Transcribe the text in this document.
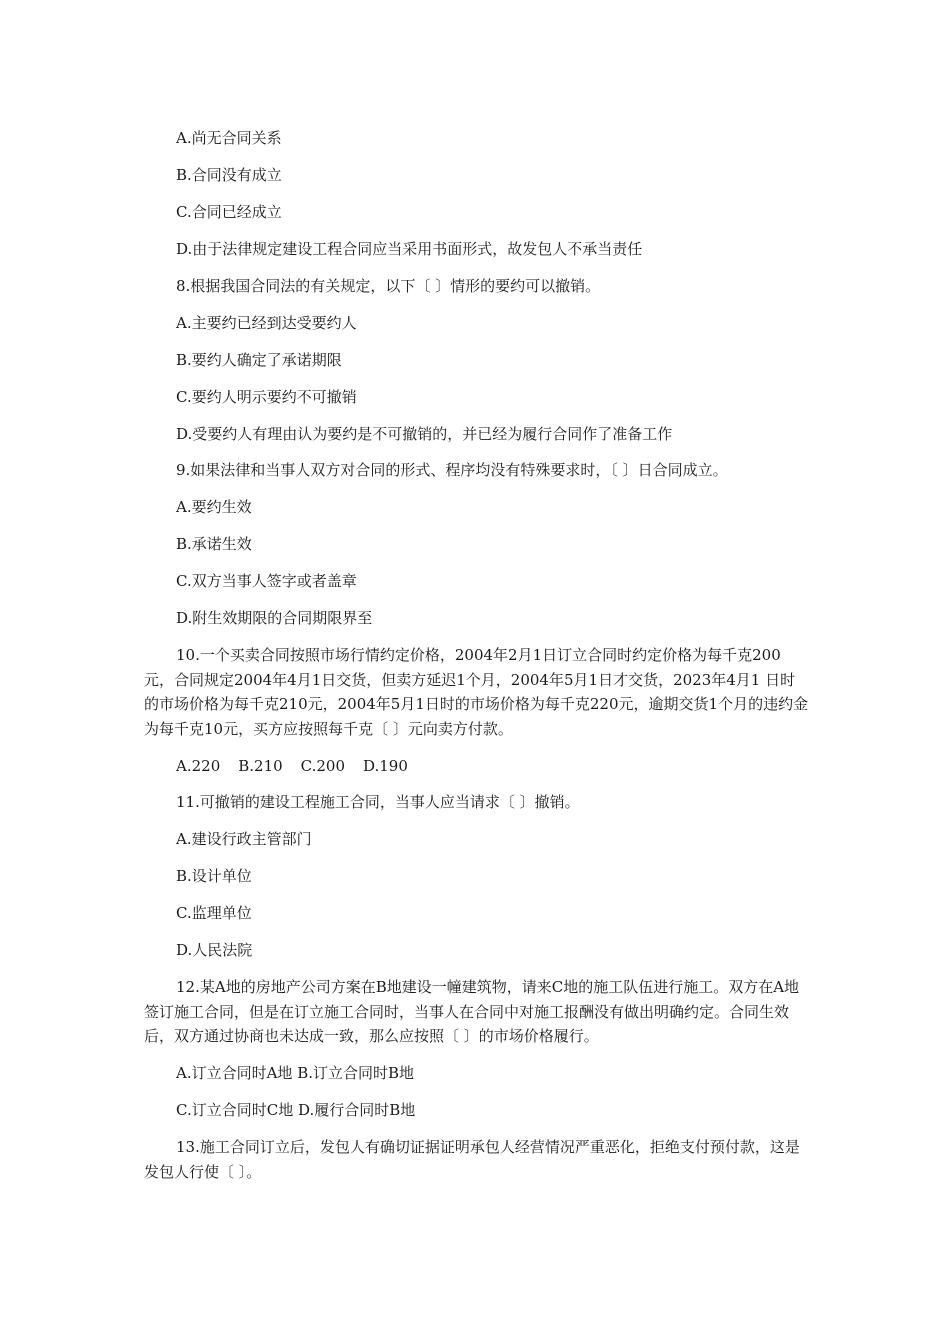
A.尚无合同关系
B.合同没有成立
C.合同已经成立
D.由于法律规定建设工程合同应当采用书面形式，故发包人不承当责任
8.根据我国合同法的有关规定，以下〔 〕情形的要约可以撤销。
A.主要约已经到达受要约人
B.要约人确定了承诺期限
C.要约人明示要约不可撤销
D.受要约人有理由认为要约是不可撤销的，并已经为履行合同作了准备工作
9.如果法律和当事人双方对合同的形式、程序均没有特殊要求时，〔 〕日合同成立。
A.要约生效
B.承诺生效
C.双方当事人签字或者盖章
D.附生效期限的合同期限界至
10.一个买卖合同按照市场行情约定价格，2004年2月1日订立合同时约定价格为每千克200元，合同规定2004年4月1日交货，但卖方延迟1个月，2004年5月1日才交货，2023年4月1 日时的市场价格为每千克210元，2004年5月1日时的市场价格为每千克220元，逾期交货1个月的违约金为每千克10元，买方应按照每千克〔 〕元向卖方付款。
A.220 B.210 C.200 D.190
11.可撤销的建设工程施工合同，当事人应当请求〔 〕撤销。
A.建设行政主管部门
B.设计单位
C.监理单位
D.人民法院
12.某A地的房地产公司方案在B地建设一幢建筑物，请来C地的施工队伍进行施工。双方在A地签订施工合同，但是在订立施工合同时，当事人在合同中对施工报酬没有做出明确约定。合同生效后，双方通过协商也未达成一致，那么应按照〔 〕的市场价格履行。
A.订立合同时A地 B.订立合同时B地
C.订立合同时C地 D.履行合同时B地
13.施工合同订立后，发包人有确切证据证明承包人经营情况严重恶化，拒绝支付预付款，这是发包人行使〔 〕。
